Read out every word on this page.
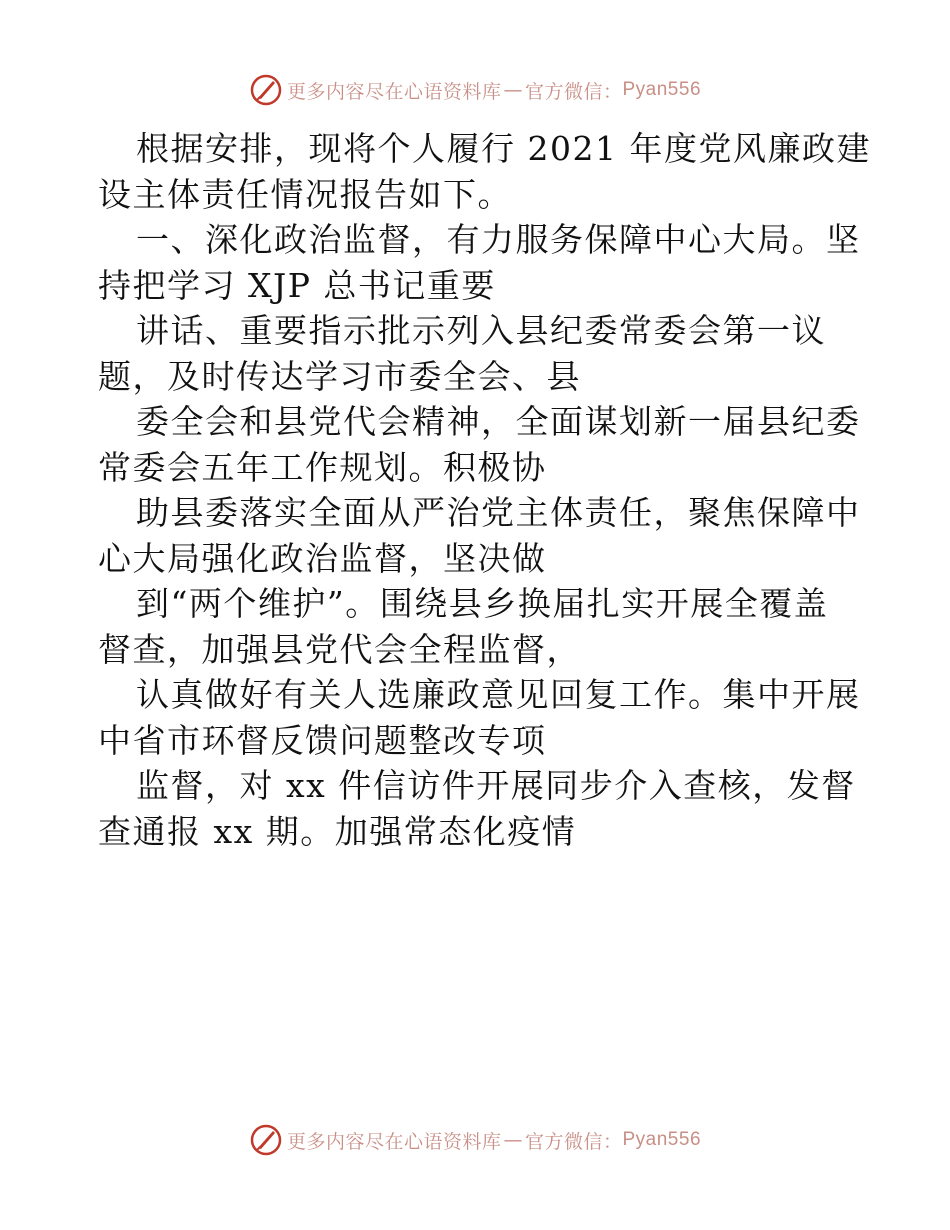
更多内容尽在心语资料库 — 官方微信： Pyan556
根据安排，现将个人履行 2021 年度党风廉政建
设主体责任情况报告如下。
一、深化政治监督，有力服务保障中心大局。坚
持把学习 XJP 总书记重要
讲话、重要指示批示列入县纪委常委会第一议
题，及时传达学习市委全会、县
委全会和县党代会精神，全面谋划新一届县纪委
常委会五年工作规划。积极协
助县委落实全面从严治党主体责任，聚焦保障中
心大局强化政治监督，坚决做
到“两个维护”。围绕县乡换届扎实开展全覆盖
督查，加强县党代会全程监督，
认真做好有关人选廉政意见回复工作。集中开展
中省市环督反馈问题整改专项
监督，对 xx 件信访件开展同步介入查核，发督
查通报 xx 期。加强常态化疫情
更多内容尽在心语资料库 — 官方微信： Pyan556
